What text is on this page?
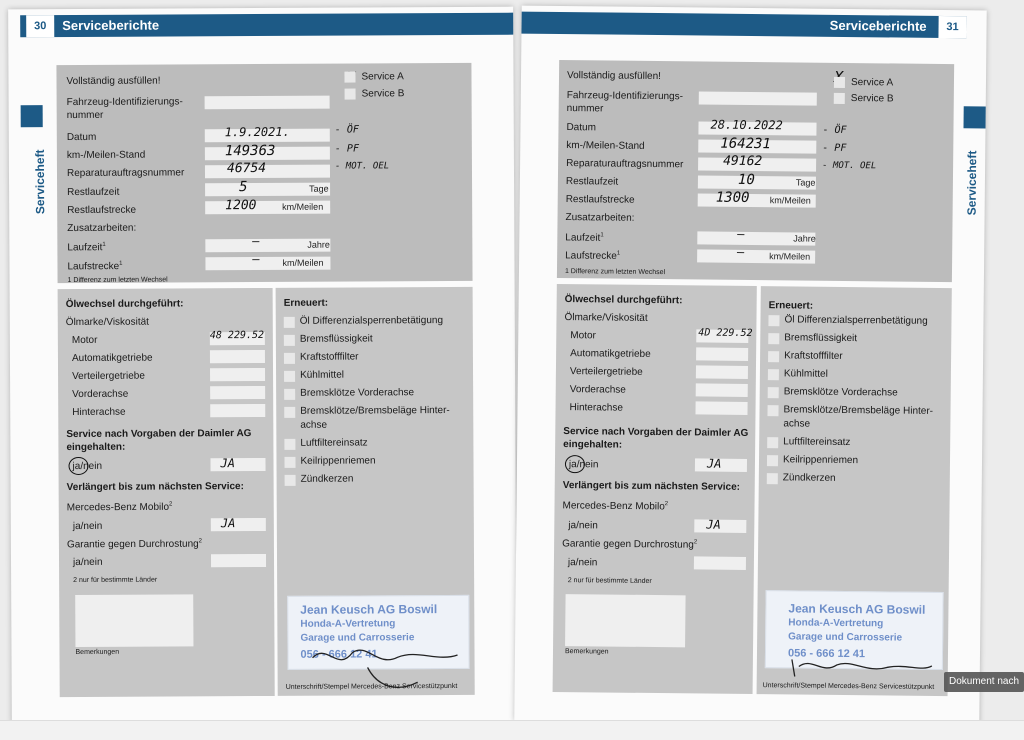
30	Serviceberichte
Serviceheft
Vollständig ausfüllen!	Service A
Service B
Fahrzeug-Identifizierungs-
nummer
Datum	1.9.2021.	- ÖF
km-/Meilen-Stand	149363	- PF
Reparaturauftragsnummer	46754	- MOT. OEL
Restlaufzeit	5	Tage
Restlaufstrecke	1200	km/Meilen
Zusatzarbeiten:
Laufzeit$^1$	—	Jahre
Laufstrecke$^1$	—	km/Meilen
1 Differenz zum letzten Wechsel
Ölwechsel durchgeführt:
Ölmarke/Viskosität
Motor	48 229.52
Automatikgetriebe
Verteilergetriebe
Vorderachse
Hinterachse
Service nach Vorgaben der Daimler AG
eingehalten:
ja/nein	JA
Verlängert bis zum nächsten Service:
Mercedes-Benz Mobilo$^2$
ja/nein	JA
Garantie gegen Durchrostung$^2$
ja/nein
2 nur für bestimmte Länder
Bemerkungen
Erneuert:
Öl Differenzialsperrenbetätigung
Bremsflüssigkeit
Kraftstofffilter
Kühlmittel
Bremsklötze Vorderachse
Bremsklötze/Bremsbeläge Hinter-
achse
Luftfiltereinsatz
Keilrippenriemen
Zündkerzen
Jean Keusch AG Boswil
Honda-A-Vertretung
Garage und Carrosserie
056 - 666 12 41
Unterschrift/Stempel Mercedes-Benz Servicestützpunkt
Serviceberichte	31
Serviceheft
Vollständig ausfüllen!
Service A
Service B
Fahrzeug-Identifizierungs-
nummer
Datum	28.10.2022	- ÖF
km-/Meilen-Stand	164231	- PF
Reparaturauftragsnummer	49162	- MOT. OEL
Restlaufzeit	10	Tage
Restlaufstrecke	1300 km/Meilen
Zusatzarbeiten:
Laufzeit$^1$	—	Jahre
Laufstrecke$^1$	—	km/Meilen
1 Differenz zum letzten Wechsel
Ölwechsel durchgeführt:
Ölmarke/Viskosität
Motor	4D 229.52
Automatikgetriebe
Verteilergetriebe
Vorderachse
Hinterachse
Service nach Vorgaben der Daimler AG
eingehalten:
ja/nein	JA
Verlängert bis zum nächsten Service:
Mercedes-Benz Mobilo$^2$
ja/nein	JA
Garantie gegen Durchrostung$^2$
ja/nein
2 nur für bestimmte Länder
Bemerkungen
Erneuert:
Öl Differenzialsperrenbetätigung
Bremsflüssigkeit
Kraftstofffilter
Kühlmittel
Bremsklötze Vorderachse
Bremsklötze/Bremsbeläge Hinter-
achse
Luftfiltereinsatz
Keilrippenriemen
Zündkerzen
Jean Keusch AG Boswil
Honda-A-Vertretung
Garage und Carrosserie
056 - 666 12 41
Unterschrift/Stempel Mercedes-Benz Servicestützpunkt	Dokument nach
